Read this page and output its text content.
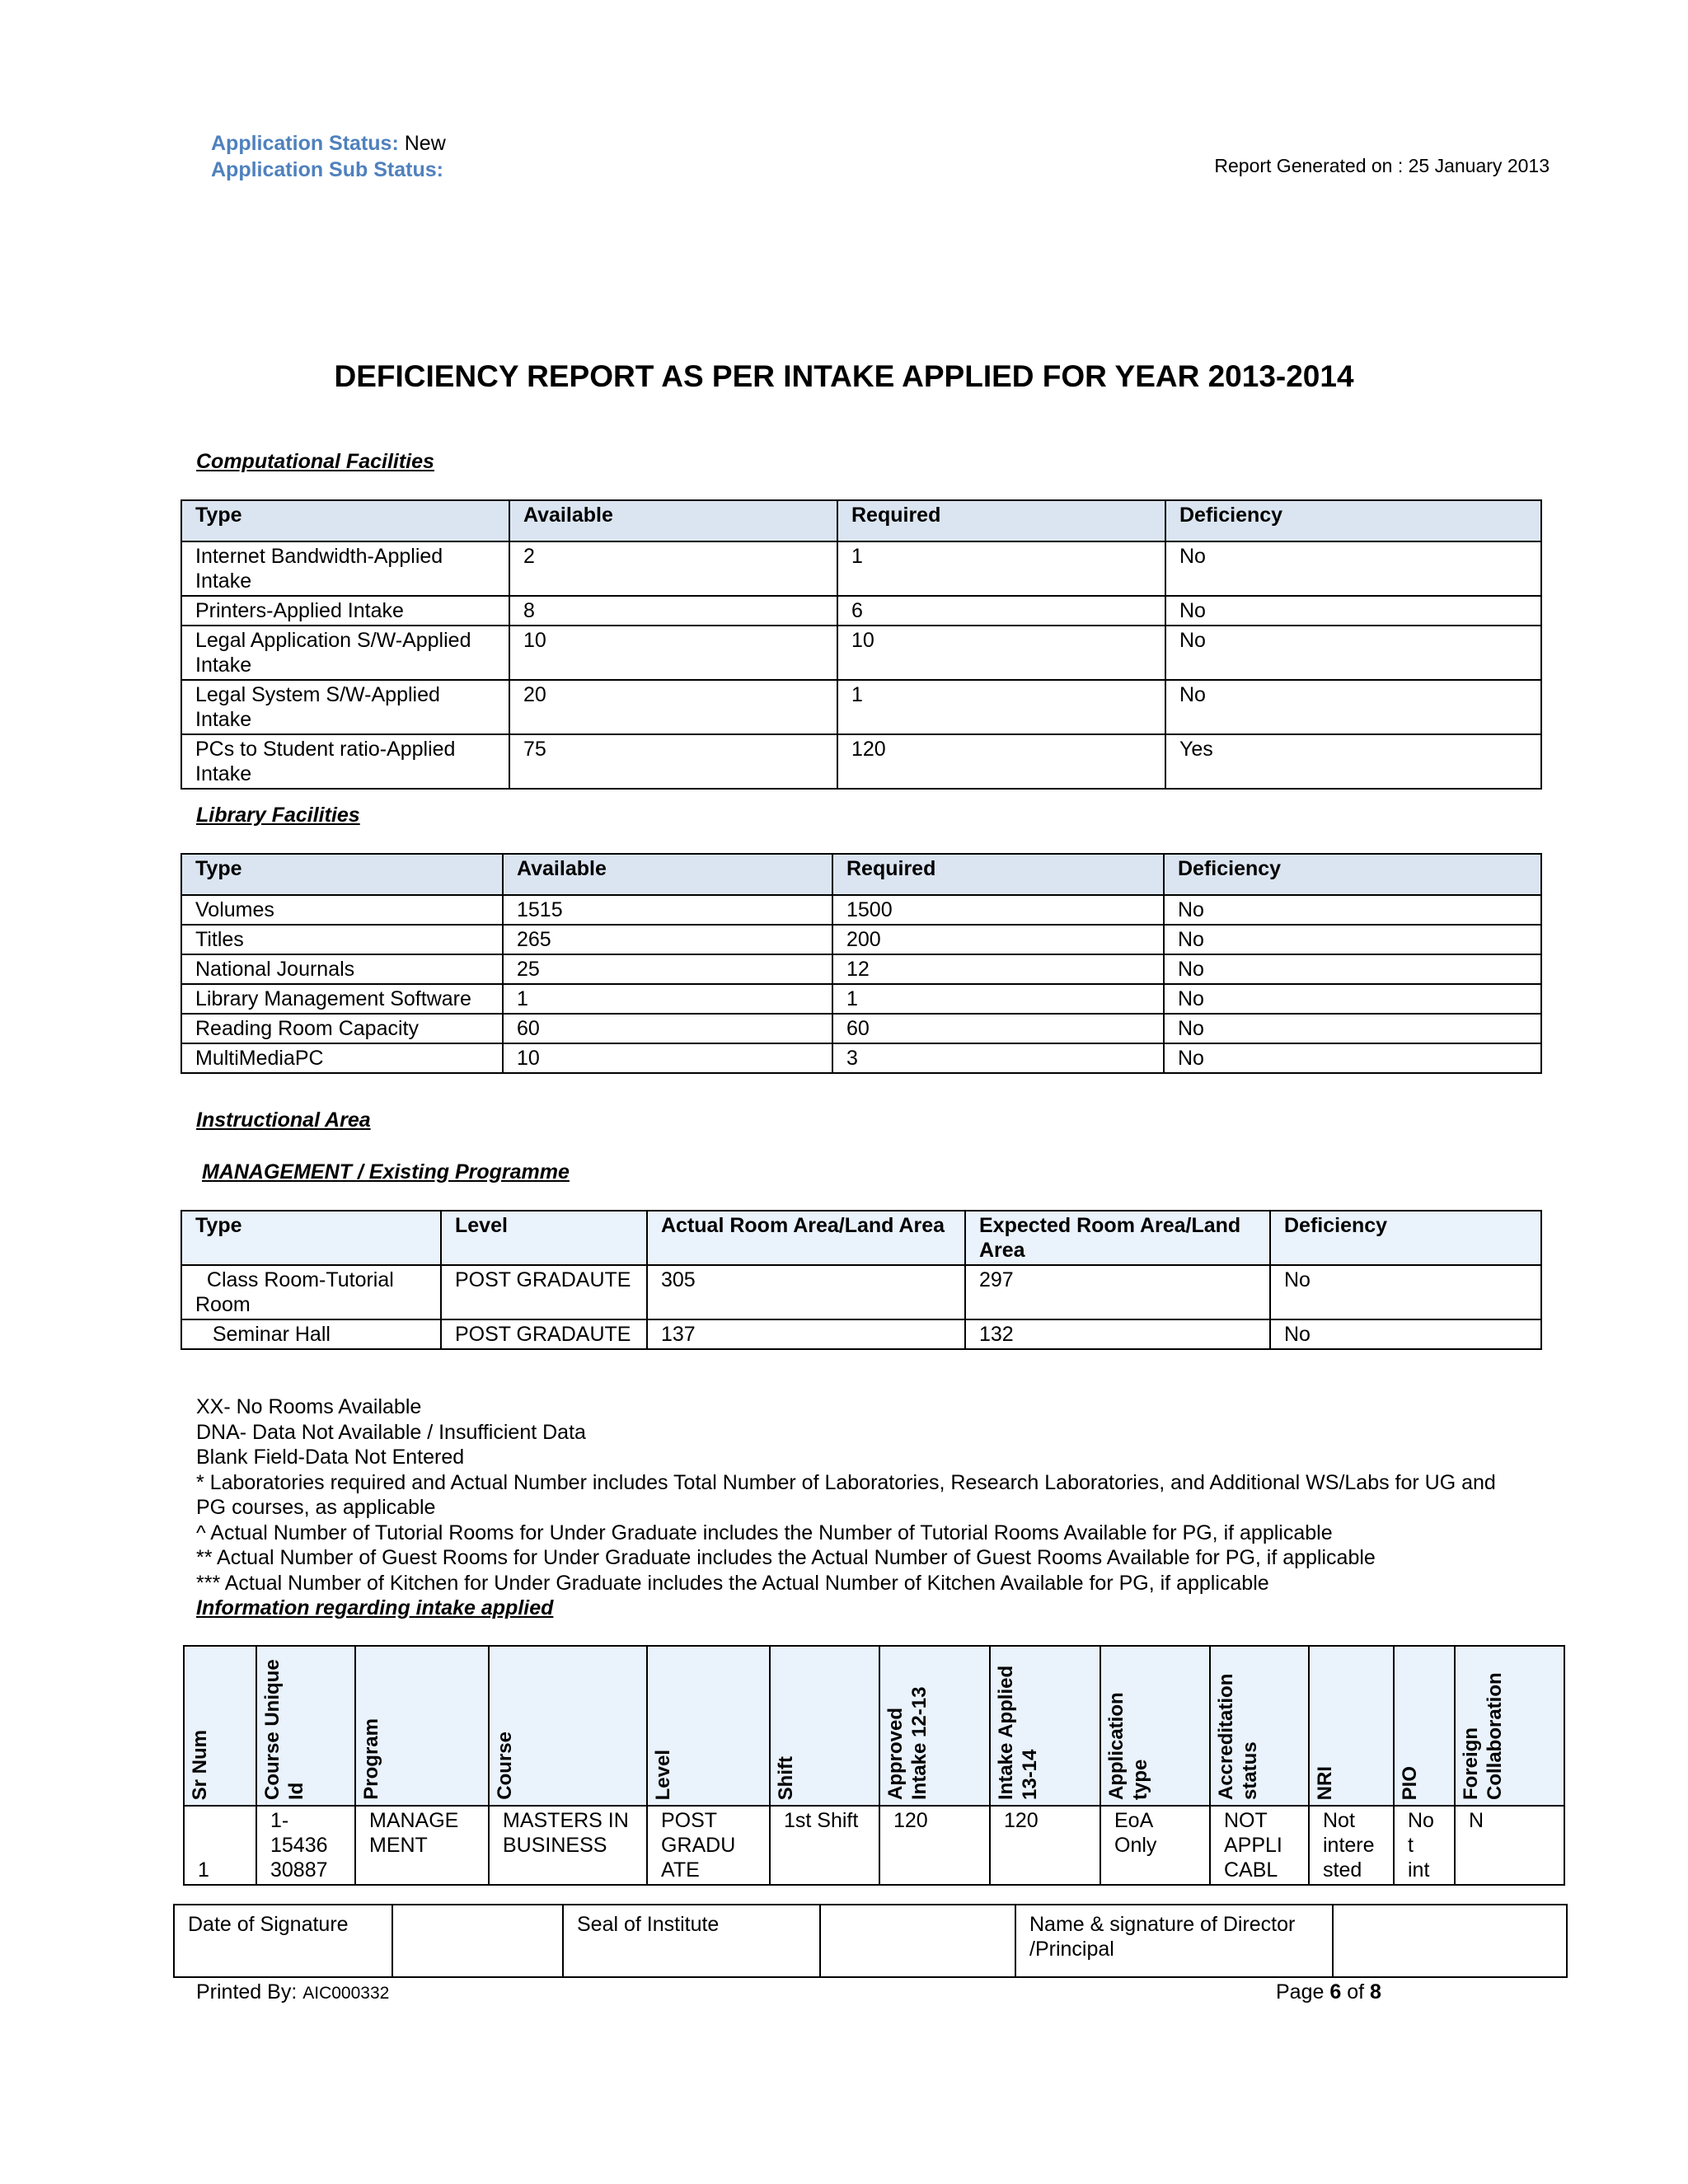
Application Status: New
Application Sub Status:	Report Generated on : 25 January 2013
DEFICIENCY REPORT AS PER INTAKE APPLIED FOR YEAR 2013-2014
Computational Facilities
Type	Available	Required	Deficiency
Internet Bandwidth-Applied Intake	2	1	No
Printers-Applied Intake	8	6	No
Legal Application S/W-Applied Intake	10	10	No
Legal System S/W-Applied Intake	20	1	No
PCs to Student ratio-Applied Intake	75	120	Yes
Library Facilities
Type	Available	Required	Deficiency
Volumes	1515	1500	No
Titles	265	200	No
National Journals	25	12	No
Library Management Software	1	1	No
Reading Room Capacity	60	60	No
MultiMediaPC	10	3	No
Instructional Area
MANAGEMENT / Existing Programme
Type	Level	Actual Room Area/Land Area	Expected Room Area/Land Area	Deficiency
Class Room-Tutorial Room	POST GRADAUTE	305	297	No
Seminar Hall	POST GRADAUTE	137	132	No
XX- No Rooms Available
DNA- Data Not Available / Insufficient Data
Blank Field-Data Not Entered
* Laboratories required and Actual Number includes Total Number of Laboratories, Research Laboratories, and Additional WS/Labs for UG and PG courses, as applicable
^ Actual Number of Tutorial Rooms for Under Graduate includes the Number of Tutorial Rooms Available for PG, if applicable
** Actual Number of Guest Rooms for Under Graduate includes the Actual Number of Guest Rooms Available for PG, if applicable
*** Actual Number of Kitchen for Under Graduate includes the Actual Number of Kitchen Available for PG, if applicable
Information regarding intake applied
Sr Num	Course Unique Id	Program	Course	Level	Shift	Approved Intake 12-13	Intake Applied 13-14	Application type	Accreditation status	NRI	PIO	Foreign Collaboration

1	1-15436 30887	MANAGE MENT	MASTERS IN BUSINESS	POST GRADU ATE	1st Shift	120	120	EoA Only	NOT APPLI CABL	Not intere sted	No t int	N
Date of Signature		Seal of Institute		Name & signature of Director /Principal	
Printed By: AIC000332	Page 6 of 8
